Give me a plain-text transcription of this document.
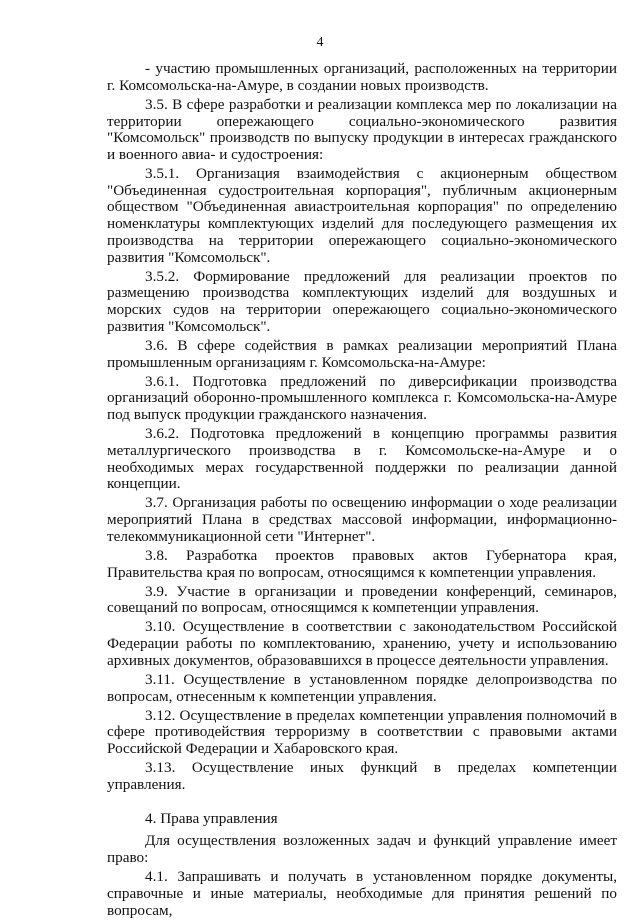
4

- участию промышленных организаций, расположенных на территории г. Комсомольска-на-Амуре, в создании новых производств.

3.5. В сфере разработки и реализации комплекса мер по локализации на территории опережающего социально-экономического развития "Комсомольск" производств по выпуску продукции в интересах гражданского и военного авиа- и судостроения:

3.5.1. Организация взаимодействия с акционерным обществом "Объединенная судостроительная корпорация", публичным акционерным обществом "Объединенная авиастроительная корпорация" по определению номенклатуры комплектующих изделий для последующего размещения их производства на территории опережающего социально-экономического развития "Комсомольск".

3.5.2. Формирование предложений для реализации проектов по размещению производства комплектующих изделий для воздушных и морских судов на территории опережающего социально-экономического развития "Комсомольск".

3.6. В сфере содействия в рамках реализации мероприятий Плана промышленным организациям г. Комсомольска-на-Амуре:

3.6.1. Подготовка предложений по диверсификации производства организаций оборонно-промышленного комплекса г. Комсомольска-на-Амуре под выпуск продукции гражданского назначения.

3.6.2. Подготовка предложений в концепцию программы развития металлургического производства в г. Комсомольске-на-Амуре и о необходимых мерах государственной поддержки по реализации данной концепции.

3.7. Организация работы по освещению информации о ходе реализации мероприятий Плана в средствах массовой информации, информационно-телекоммуникационной сети "Интернет".

3.8. Разработка проектов правовых актов Губернатора края, Правительства края по вопросам, относящимся к компетенции управления.

3.9. Участие в организации и проведении конференций, семинаров, совещаний по вопросам, относящимся к компетенции управления.

3.10. Осуществление в соответствии с законодательством Российской Федерации работы по комплектованию, хранению, учету и использованию архивных документов, образовавшихся в процессе деятельности управления.

3.11. Осуществление в установленном порядке делопроизводства по вопросам, отнесенным к компетенции управления.

3.12. Осуществление в пределах компетенции управления полномочий в сфере противодействия терроризму в соответствии с правовыми актами Российской Федерации и Хабаровского края.

3.13. Осуществление иных функций в пределах компетенции управления.

4. Права управления

Для осуществления возложенных задач и функций управление имеет право:

4.1. Запрашивать и получать в установленном порядке документы, справочные и иные материалы, необходимые для принятия решений по вопросам,
